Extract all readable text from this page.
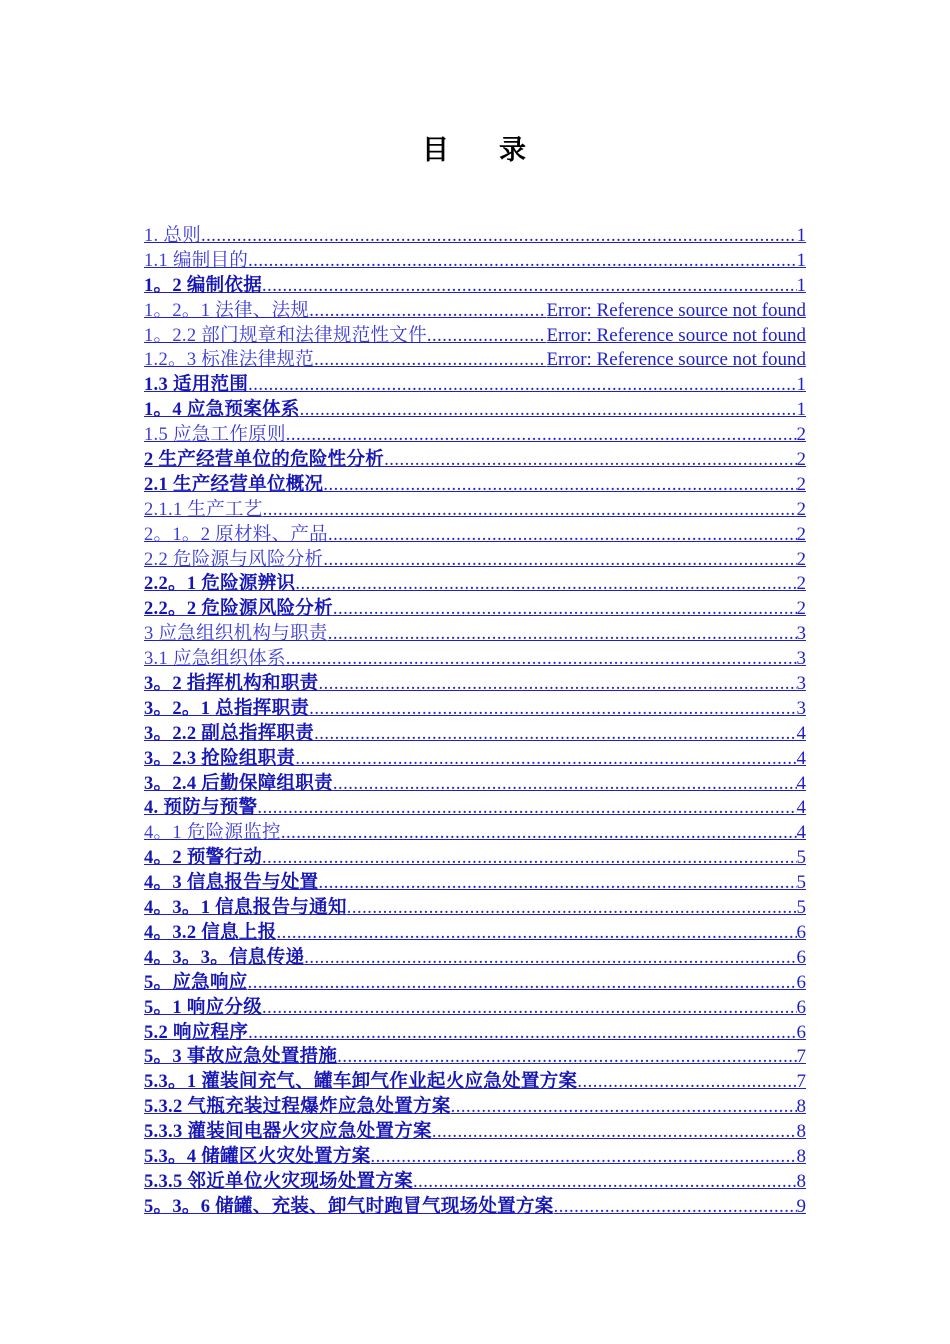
目 录
1. 总则 .....	1
1.1 编制目的 .....	1
1。2 编制依据 .....	1
1。2。1 法律、法规 .....	Error: Reference source not found
1。2.2 部门规章和法律规范性文件 .....	Error: Reference source not found
1.2。3 标准法律规范 .....	Error: Reference source not found
1.3 适用范围 .....	1
1。4 应急预案体系 .....	1
1.5 应急工作原则 .....	2
2 生产经营单位的危险性分析 .....	2
2.1 生产经营单位概况 .....	2
2.1.1 生产工艺 .....	2
2。1。2 原材料、产品 .....	2
2.2 危险源与风险分析 .....	2
2.2。1 危险源辨识 .....	2
2.2。2 危险源风险分析 .....	2
3 应急组织机构与职责 .....	3
3.1 应急组织体系 .....	3
3。2 指挥机构和职责 .....	3
3。2。1 总指挥职责 .....	3
3。2.2 副总指挥职责 .....	4
3。2.3 抢险组职责 .....	4
3。2.4 后勤保障组职责 .....	4
4. 预防与预警 .....	4
4。1 危险源监控 .....	4
4。2 预警行动 .....	5
4。3 信息报告与处置 .....	5
4。3。1 信息报告与通知 .....	5
4。3.2 信息上报 .....	6
4。3。3。信息传递 .....	6
5。应急响应 .....	6
5。1 响应分级 .....	6
5.2 响应程序 .....	6
5。3 事故应急处置措施 .....	7
5.3。1 灌装间充气、罐车卸气作业起火应急处置方案 .....	7
5.3.2 气瓶充装过程爆炸应急处置方案 .....	8
5.3.3 灌装间电器火灾应急处置方案 .....	8
5.3。4 储罐区火灾处置方案 .....	8
5.3.5 邻近单位火灾现场处置方案 .....	8
5。3。6 储罐、充装、卸气时跑冒气现场处置方案 .....	9
